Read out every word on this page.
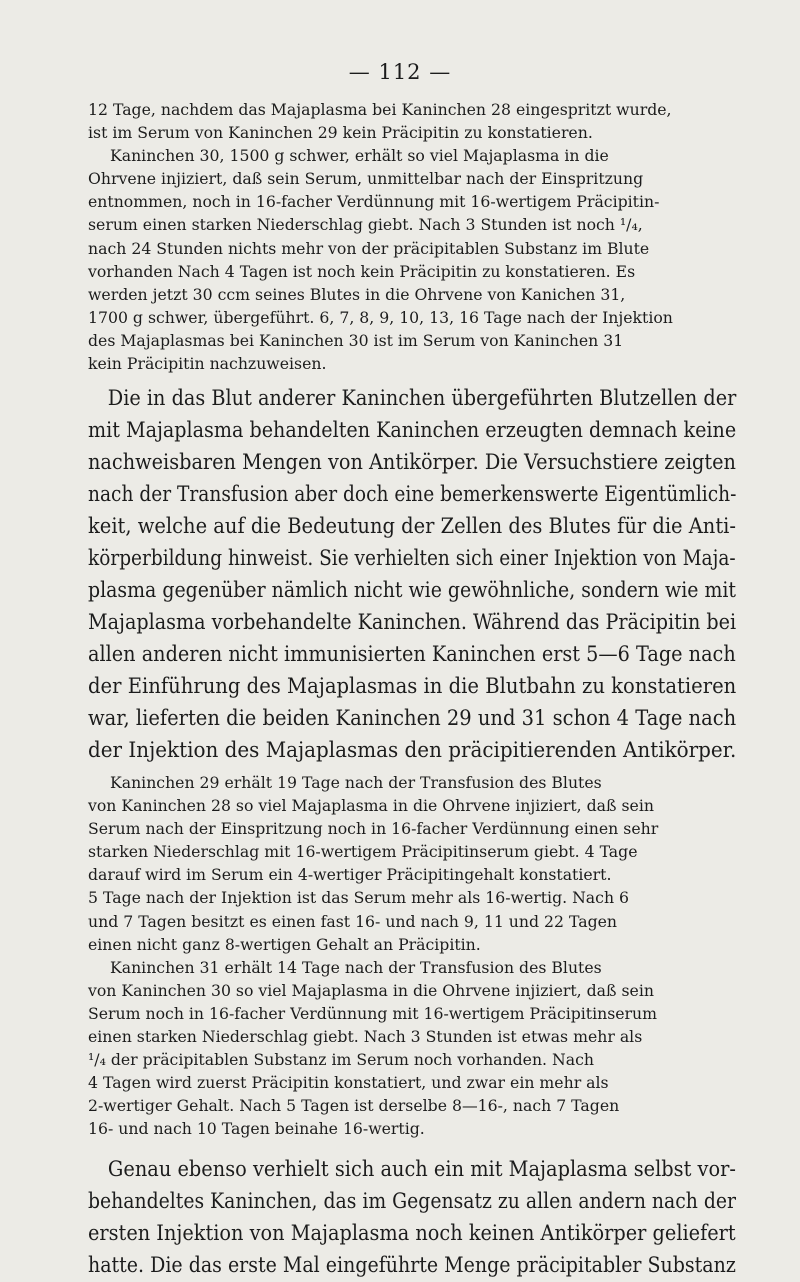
— 112 —
12 Tage, nachdem das Majaplasma bei Kaninchen 28 eingespritzt wurde,
ist im Serum von Kaninchen 29 kein Präcipitin zu konstatieren.
Kaninchen 30, 1500 g schwer, erhält so viel Majaplasma in die
Ohrvene injiziert, daß sein Serum, unmittelbar nach der Einspritzung
entnommen, noch in 16-facher Verdünnung mit 16-wertigem Präcipitin-
serum einen starken Niederschlag giebt. Nach 3 Stunden ist noch ¹/₄,
nach 24 Stunden nichts mehr von der präcipitablen Substanz im Blute
vorhanden Nach 4 Tagen ist noch kein Präcipitin zu konstatieren. Es
werden jetzt 30 ccm seines Blutes in die Ohrvene von Kanichen 31,
1700 g schwer, übergeführt. 6, 7, 8, 9, 10, 13, 16 Tage nach der Injektion
des Majaplasmas bei Kaninchen 30 ist im Serum von Kaninchen 31
kein Präcipitin nachzuweisen.
Die in das Blut anderer Kaninchen übergeführten Blutzellen der
mit Majaplasma behandelten Kaninchen erzeugten demnach keine
nachweisbaren Mengen von Antikörper. Die Versuchstiere zeigten
nach der Transfusion aber doch eine bemerkenswerte Eigentümlich-
keit, welche auf die Bedeutung der Zellen des Blutes für die Anti-
körperbildung hinweist. Sie verhielten sich einer Injektion von Maja-
plasma gegenüber nämlich nicht wie gewöhnliche, sondern wie mit
Majaplasma vorbehandelte Kaninchen. Während das Präcipitin bei
allen anderen nicht immunisierten Kaninchen erst 5—6 Tage nach
der Einführung des Majaplasmas in die Blutbahn zu konstatieren
war, lieferten die beiden Kaninchen 29 und 31 schon 4 Tage nach
der Injektion des Majaplasmas den präcipitierenden Antikörper.
Kaninchen 29 erhält 19 Tage nach der Transfusion des Blutes
von Kaninchen 28 so viel Majaplasma in die Ohrvene injiziert, daß sein
Serum nach der Einspritzung noch in 16-facher Verdünnung einen sehr
starken Niederschlag mit 16-wertigem Präcipitinserum giebt. 4 Tage
darauf wird im Serum ein 4-wertiger Präcipitingehalt konstatiert.
5 Tage nach der Injektion ist das Serum mehr als 16-wertig. Nach 6
und 7 Tagen besitzt es einen fast 16- und nach 9, 11 und 22 Tagen
einen nicht ganz 8-wertigen Gehalt an Präcipitin.
Kaninchen 31 erhält 14 Tage nach der Transfusion des Blutes
von Kaninchen 30 so viel Majaplasma in die Ohrvene injiziert, daß sein
Serum noch in 16-facher Verdünnung mit 16-wertigem Präcipitinserum
einen starken Niederschlag giebt. Nach 3 Stunden ist etwas mehr als
¹/₄ der präcipitablen Substanz im Serum noch vorhanden. Nach
4 Tagen wird zuerst Präcipitin konstatiert, und zwar ein mehr als
2-wertiger Gehalt. Nach 5 Tagen ist derselbe 8—16-, nach 7 Tagen
16- und nach 10 Tagen beinahe 16-wertig.
Genau ebenso verhielt sich auch ein mit Majaplasma selbst vor-
behandeltes Kaninchen, das im Gegensatz zu allen andern nach der
ersten Injektion von Majaplasma noch keinen Antikörper geliefert
hatte. Die das erste Mal eingeführte Menge präcipitabler Substanz
